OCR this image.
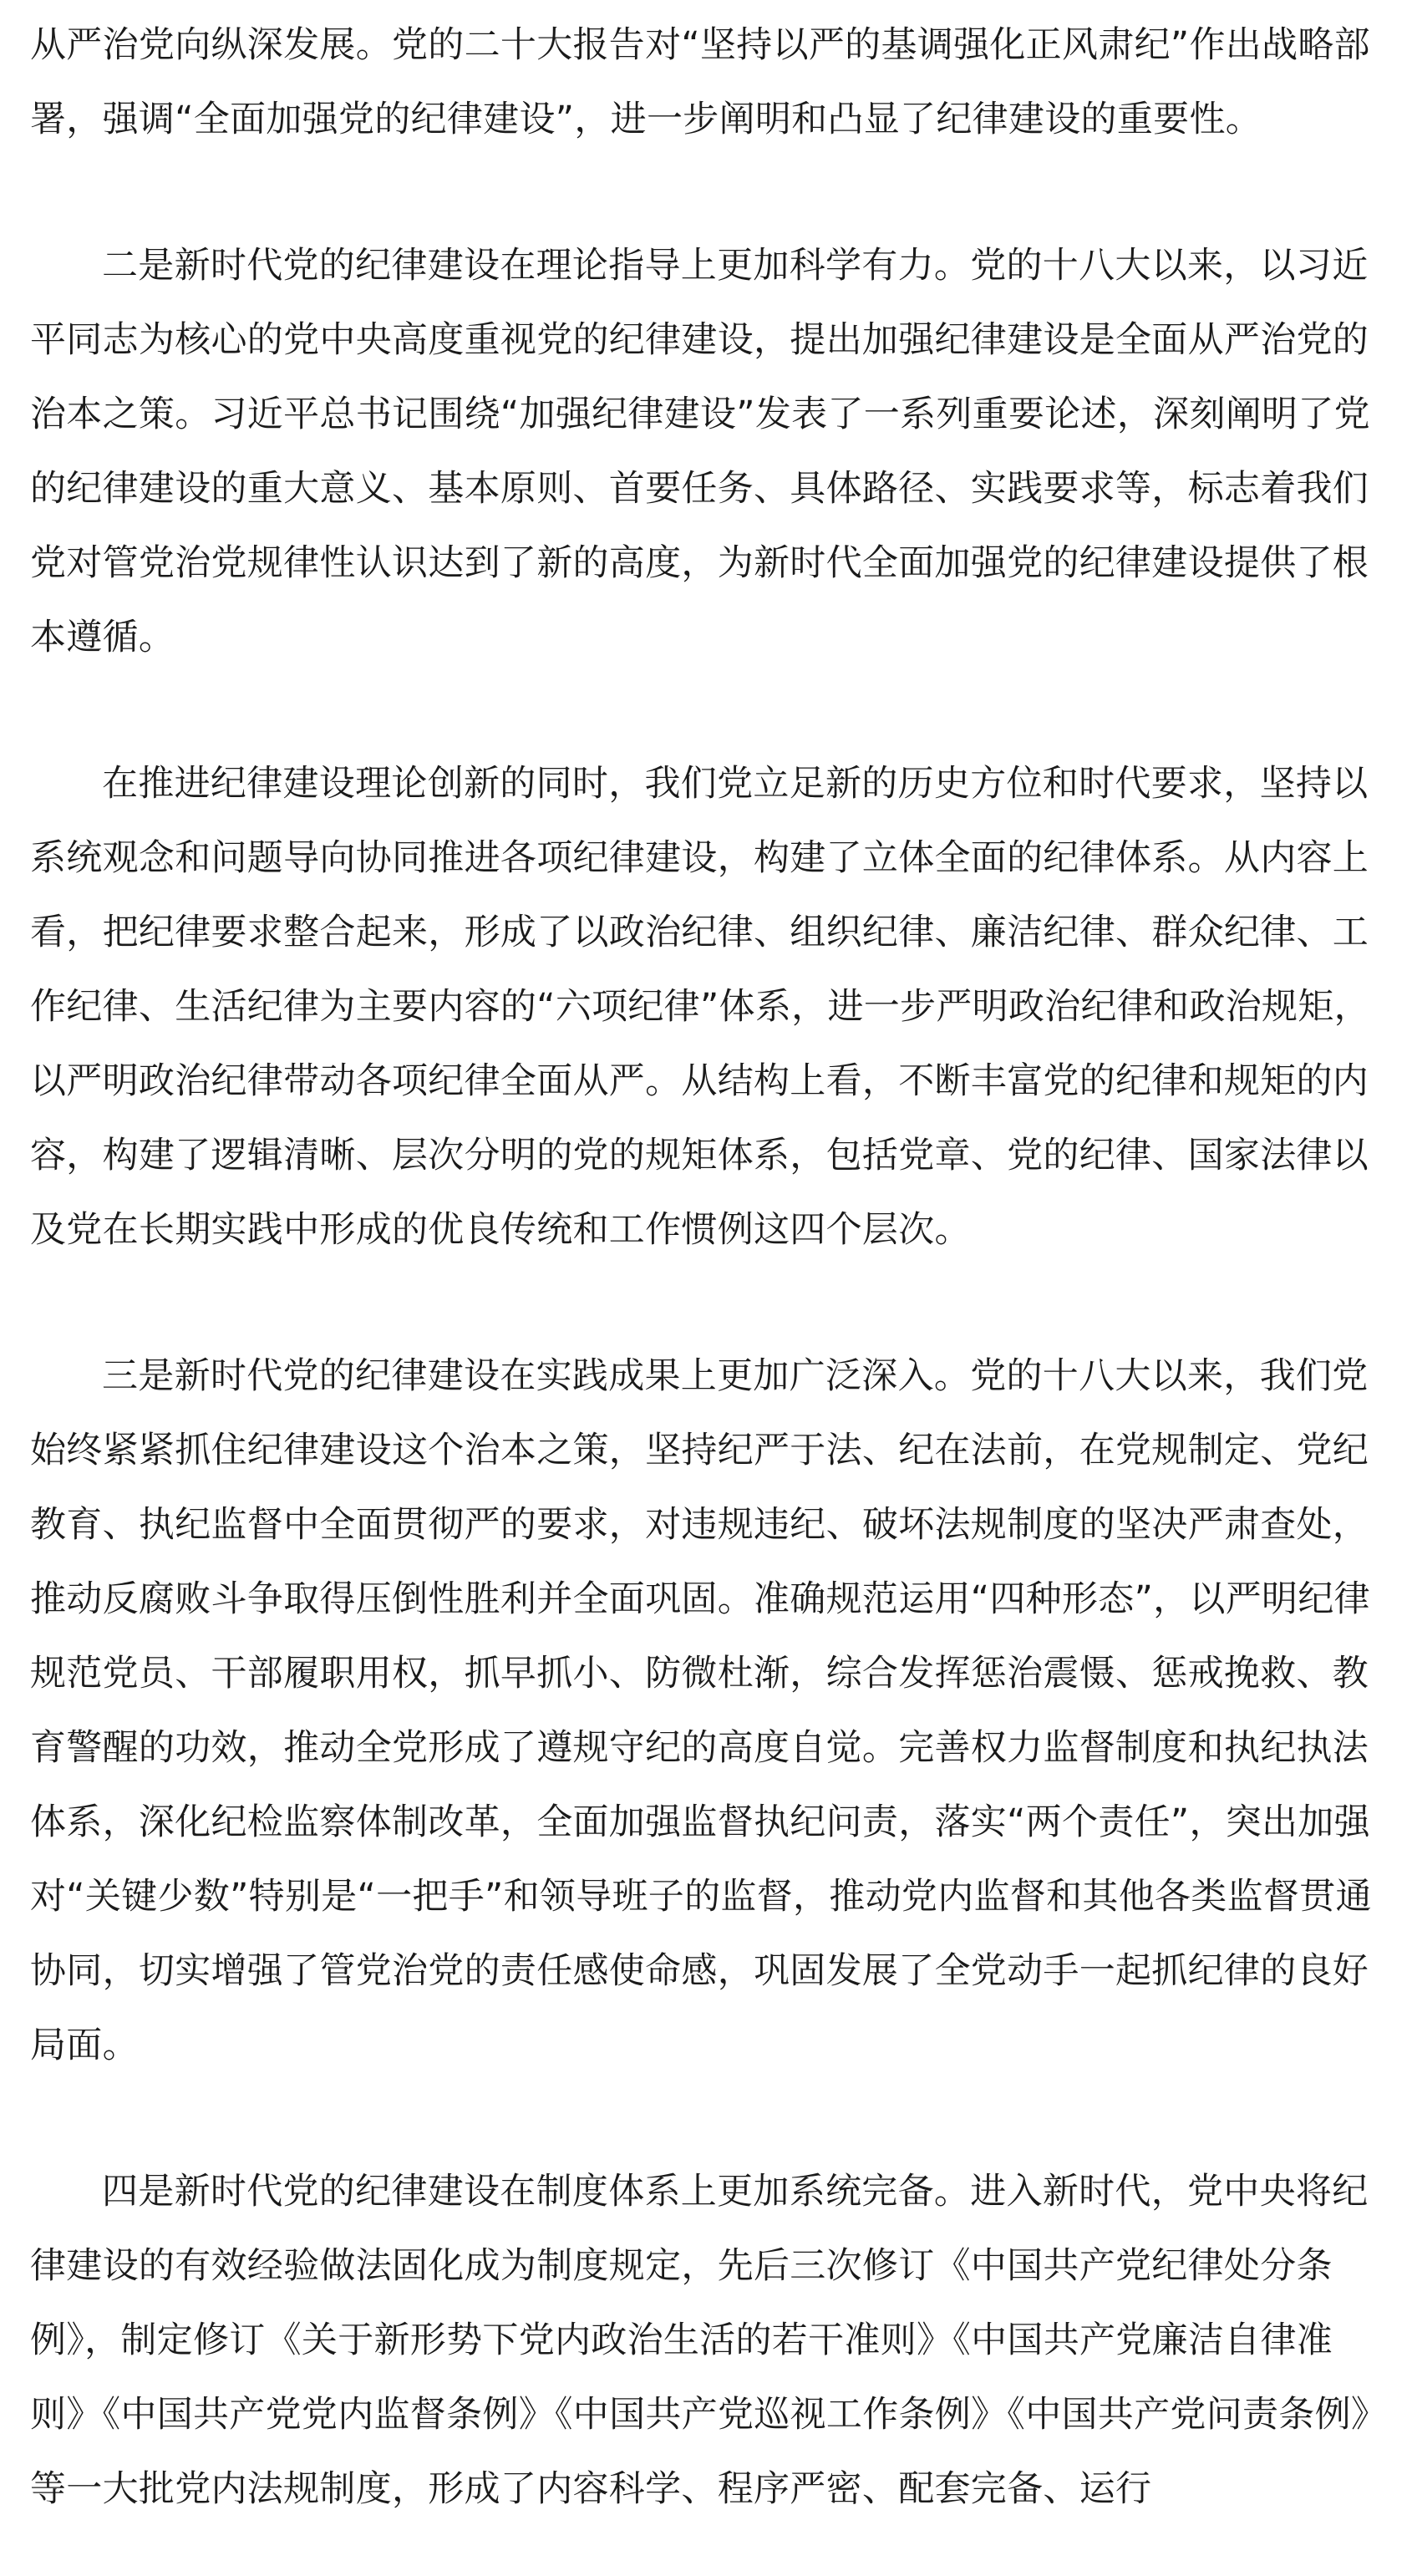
从严治党向纵深发展。党的二十大报告对“坚持以严的基调强化正风肃纪”作出战略部署，强调“全面加强党的纪律建设”，进一步阐明和凸显了纪律建设的重要性。

二是新时代党的纪律建设在理论指导上更加科学有力。党的十八大以来，以习近平同志为核心的党中央高度重视党的纪律建设，提出加强纪律建设是全面从严治党的治本之策。习近平总书记围绕“加强纪律建设”发表了一系列重要论述，深刻阐明了党的纪律建设的重大意义、基本原则、首要任务、具体路径、实践要求等，标志着我们党对管党治党规律性认识达到了新的高度，为新时代全面加强党的纪律建设提供了根本遵循。

在推进纪律建设理论创新的同时，我们党立足新的历史方位和时代要求，坚持以系统观念和问题导向协同推进各项纪律建设，构建了立体全面的纪律体系。从内容上看，把纪律要求整合起来，形成了以政治纪律、组织纪律、廉洁纪律、群众纪律、工作纪律、生活纪律为主要内容的“六项纪律”体系，进一步严明政治纪律和政治规矩，以严明政治纪律带动各项纪律全面从严。从结构上看，不断丰富党的纪律和规矩的内容，构建了逻辑清晰、层次分明的党的规矩体系，包括党章、党的纪律、国家法律以及党在长期实践中形成的优良传统和工作惯例这四个层次。

三是新时代党的纪律建设在实践成果上更加广泛深入。党的十八大以来，我们党始终紧紧抓住纪律建设这个治本之策，坚持纪严于法、纪在法前，在党规制定、党纪教育、执纪监督中全面贯彻严的要求，对违规违纪、破坏法规制度的坚决严肃查处，推动反腐败斗争取得压倒性胜利并全面巩固。准确规范运用“四种形态”，以严明纪律规范党员、干部履职用权，抓早抓小、防微杜渐，综合发挥惩治震慑、惩戒挽救、教育警醒的功效，推动全党形成了遵规守纪的高度自觉。完善权力监督制度和执纪执法体系，深化纪检监察体制改革，全面加强监督执纪问责，落实“两个责任”，突出加强对“关键少数”特别是“一把手”和领导班子的监督，推动党内监督和其他各类监督贯通协同，切实增强了管党治党的责任感使命感，巩固发展了全党动手一起抓纪律的良好局面。

四是新时代党的纪律建设在制度体系上更加系统完备。进入新时代，党中央将纪律建设的有效经验做法固化成为制度规定，先后三次修订《中国共产党纪律处分条例》，制定修订《关于新形势下党内政治生活的若干准则》《中国共产党廉洁自律准则》《中国共产党党内监督条例》《中国共产党巡视工作条例》《中国共产党问责条例》等一大批党内法规制度，形成了内容科学、程序严密、配套完备、运行
